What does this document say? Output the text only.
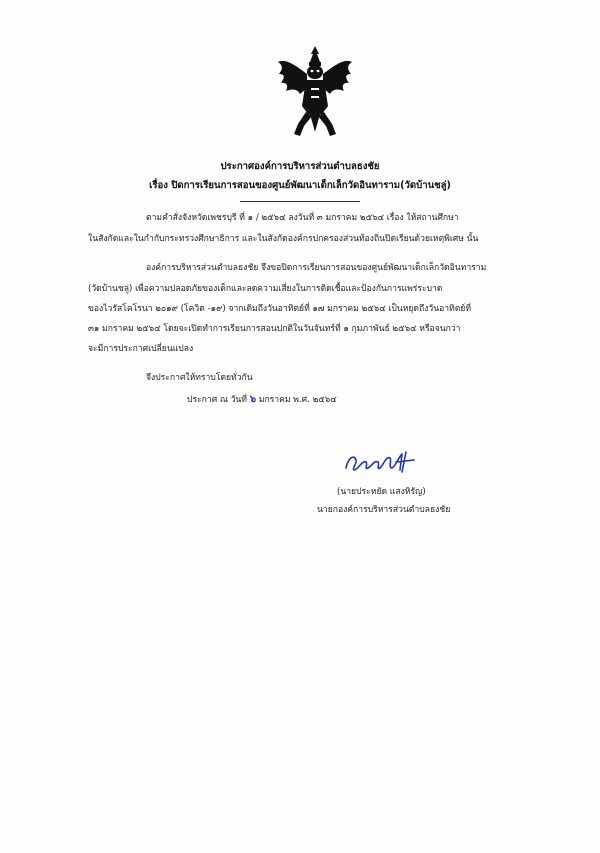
ประกาศองค์การบริหารส่วนตำบลธงชัย
เรื่อง ปิดการเรียนการสอนของศูนย์พัฒนาเด็กเล็กวัดอินทาราม(วัดบ้านชลู่)
ตามคำสั่งจังหวัดเพชรบุรี ที่ ๑ / ๒๕๖๔ ลงวันที่ ๓ มกราคม ๒๕๖๔ เรื่อง ให้สถานศึกษา
ในสังกัดและในกำกับกระทรวงศึกษาธิการ และในสังกัดองค์กรปกครองส่วนท้องถิ่นปิดเรียนด้วยเหตุพิเศษ นั้น
องค์การบริหารส่วนตำบลธงชัย จึงขอปิดการเรียนการสอนของศูนย์พัฒนาเด็กเล็กวัดอินทาราม
(วัดบ้านชลู่) เพื่อความปลอดภัยของเด็กและลดความเสี่ยงในการติดเชื้อและป้องกันการแพร่ระบาด
ของไวรัสโคโรนา ๒๐๑๙ (โควิด -๑๙) จากเดิมถึงวันอาทิตย์ที่ ๑๗ มกราคม ๒๕๖๔ เป็นหยุดถึงวันอาทิตย์ที่
๓๑ มกราคม ๒๕๖๔ โดยจะเปิดทำการเรียนการสอนปกติในวันจันทร์ที่ ๑ กุมภาพันธ์ ๒๕๖๔ หรือจนกว่า
จะมีการประกาศเปลี่ยนแปลง
จึงประกาศให้ทราบโดยทั่วกัน
ประกาศ ณ วันที่ ๖ มกราคม พ.ศ. ๒๕๖๔
(นายประหยัด แสงหิรัญ)
นายกองค์การบริหารส่วนตำบลธงชัย
